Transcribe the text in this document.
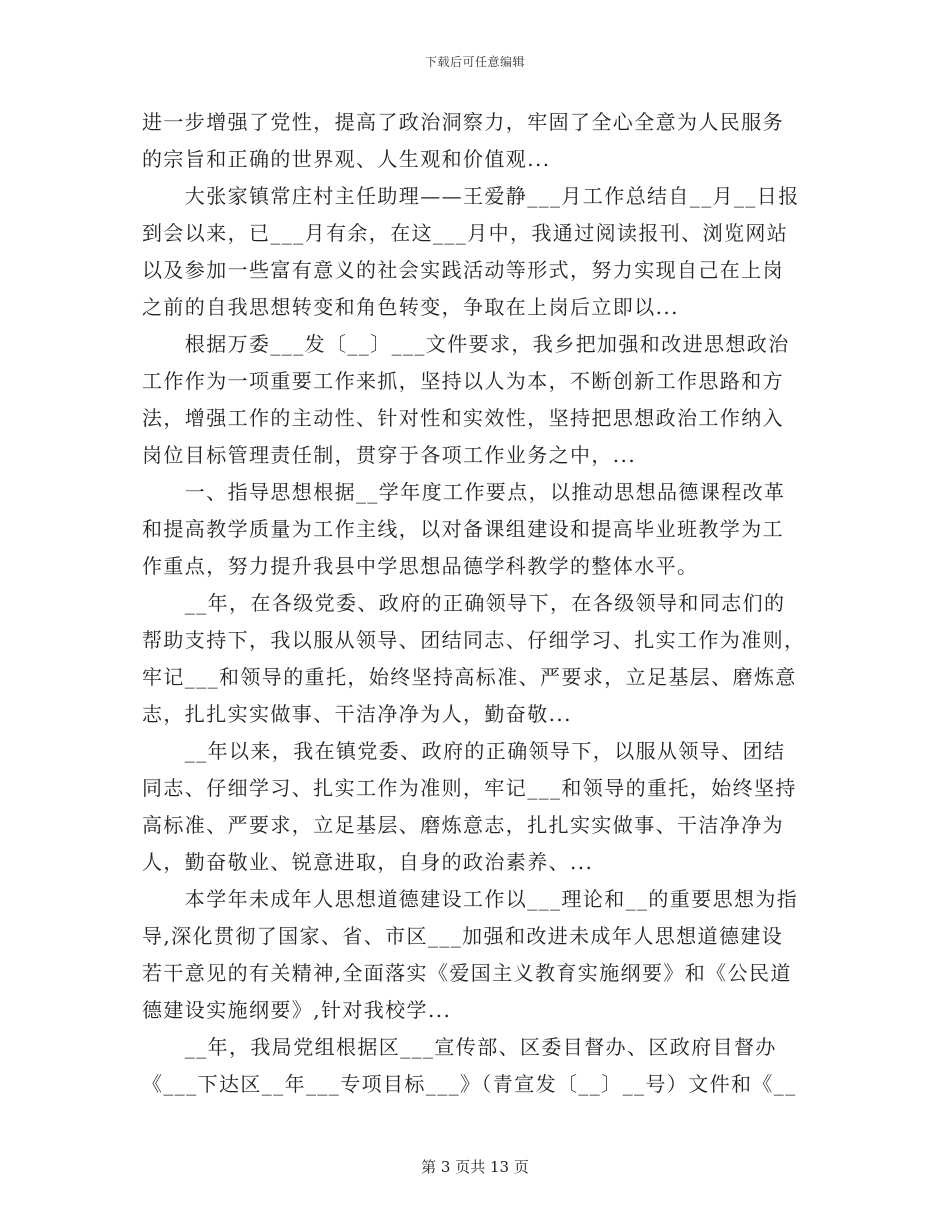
下载后可任意编辑
进一步增强了党性，提高了政治洞察力，牢固了全心全意为人民服务
的宗旨和正确的世界观、人生观和价值观...
　　大张家镇常庄村主任助理——王爱静___月工作总结自__月__日报
到会以来，已___月有余，在这___月中，我通过阅读报刊、浏览网站
以及参加一些富有意义的社会实践活动等形式，努力实现自己在上岗
之前的自我思想转变和角色转变，争取在上岗后立即以...
　　根据万委___发〔__〕___文件要求，我乡把加强和改进思想政治
工作作为一项重要工作来抓，坚持以人为本，不断创新工作思路和方
法，增强工作的主动性、针对性和实效性，坚持把思想政治工作纳入
岗位目标管理责任制，贯穿于各项工作业务之中，...
　　一、指导思想根据__学年度工作要点，以推动思想品德课程改革
和提高教学质量为工作主线，以对备课组建设和提高毕业班教学为工
作重点，努力提升我县中学思想品德学科教学的整体水平。
　　__年，在各级党委、政府的正确领导下，在各级领导和同志们的
帮助支持下，我以服从领导、团结同志、仔细学习、扎实工作为准则，
牢记___和领导的重托，始终坚持高标准、严要求，立足基层、磨炼意
志，扎扎实实做事、干洁净净为人，勤奋敬...
　　__年以来，我在镇党委、政府的正确领导下，以服从领导、团结
同志、仔细学习、扎实工作为准则，牢记___和领导的重托，始终坚持
高标准、严要求，立足基层、磨炼意志，扎扎实实做事、干洁净净为
人，勤奋敬业、锐意进取，自身的政治素养、...
　　本学年未成年人思想道德建设工作以___理论和__的重要思想为指
导,深化贯彻了国家、省、市区___加强和改进未成年人思想道德建设
若干意见的有关精神,全面落实《爱国主义教育实施纲要》和《公民道
德建设实施纲要》,针对我校学...
　　__年，我局党组根据区___宣传部、区委目督办、区政府目督办
《___下达区__年___专项目标___》（青宣发〔__〕__号）文件和《__
第 3 页共 13 页
